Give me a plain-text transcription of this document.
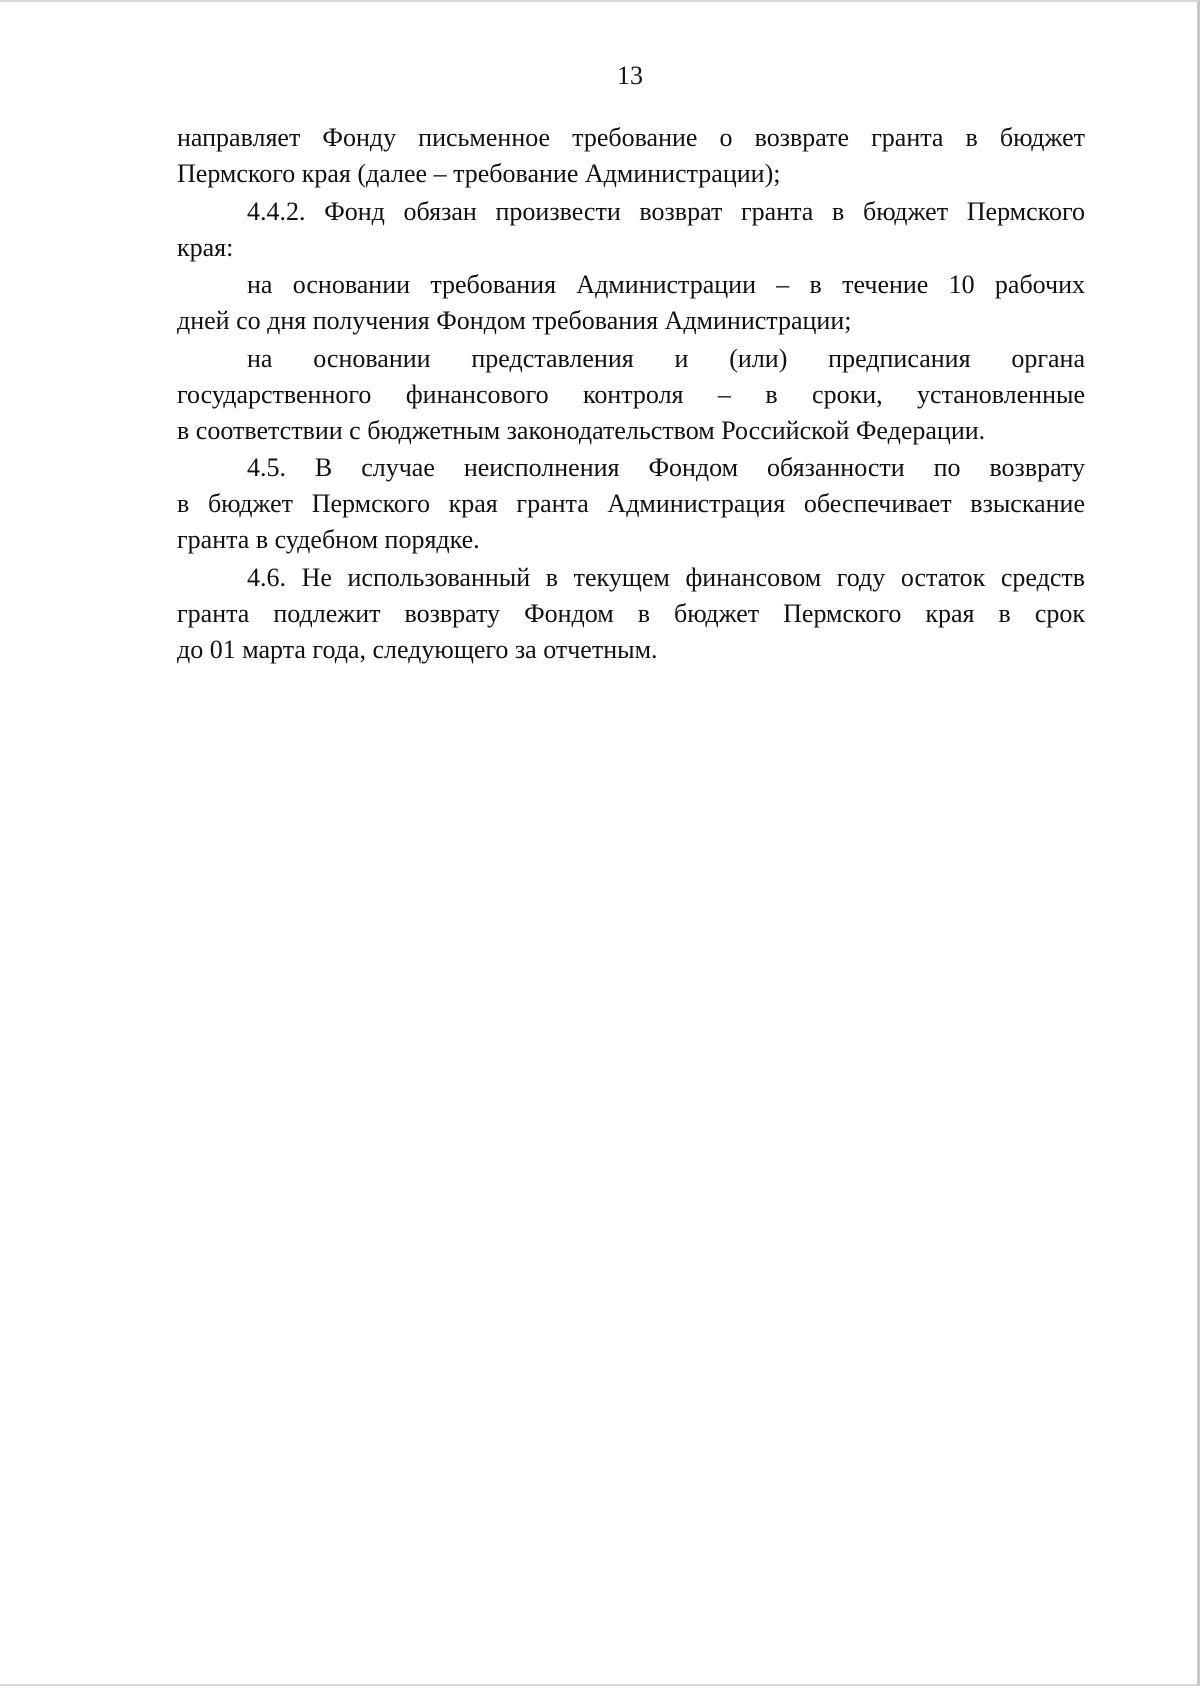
13
направляет Фонду письменное требование о возврате гранта в бюджет
Пермского края (далее – требование Администрации);
4.4.2. Фонд обязан произвести возврат гранта в бюджет Пермского
края:
на основании требования Администрации – в течение 10 рабочих
дней со дня получения Фондом требования Администрации;
на основании представления и (или) предписания органа
государственного финансового контроля – в сроки, установленные
в соответствии с бюджетным законодательством Российской Федерации.
4.5. В случае неисполнения Фондом обязанности по возврату
в бюджет Пермского края гранта Администрация обеспечивает взыскание
гранта в судебном порядке.
4.6. Не использованный в текущем финансовом году остаток средств
гранта подлежит возврату Фондом в бюджет Пермского края в срок
до 01 марта года, следующего за отчетным.
